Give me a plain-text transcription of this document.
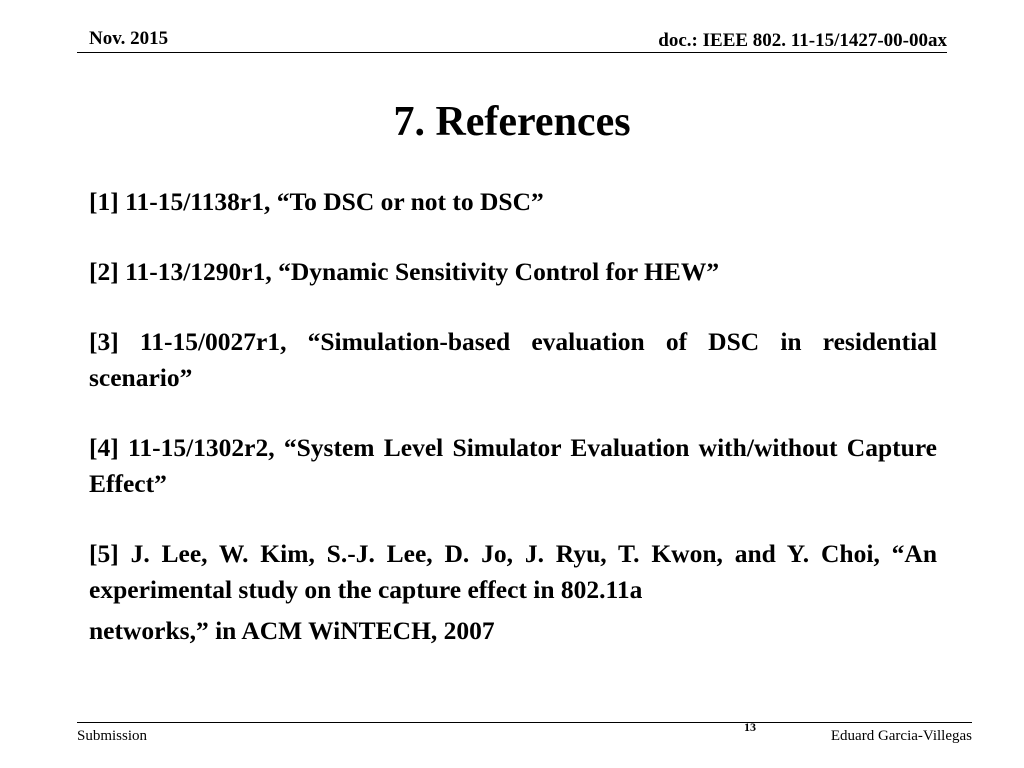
Nov. 2015	doc.: IEEE 802. 11-15/1427-00-00ax
7. References

[1] 11-15/1138r1, “To DSC or not to DSC”

[2] 11-13/1290r1, “Dynamic Sensitivity Control for HEW”

[3] 11-15/0027r1, “Simulation-based evaluation of DSC in residential scenario”

[4] 11-15/1302r2, “System Level Simulator Evaluation with/without Capture Effect”

[5] J. Lee, W. Kim, S.-J. Lee, D. Jo, J. Ryu, T. Kwon, and Y. Choi, “An experimental study on the capture effect in 802.11a
networks,” in ACM WiNTECH, 2007

Submission
13
Eduard Garcia-Villegas
